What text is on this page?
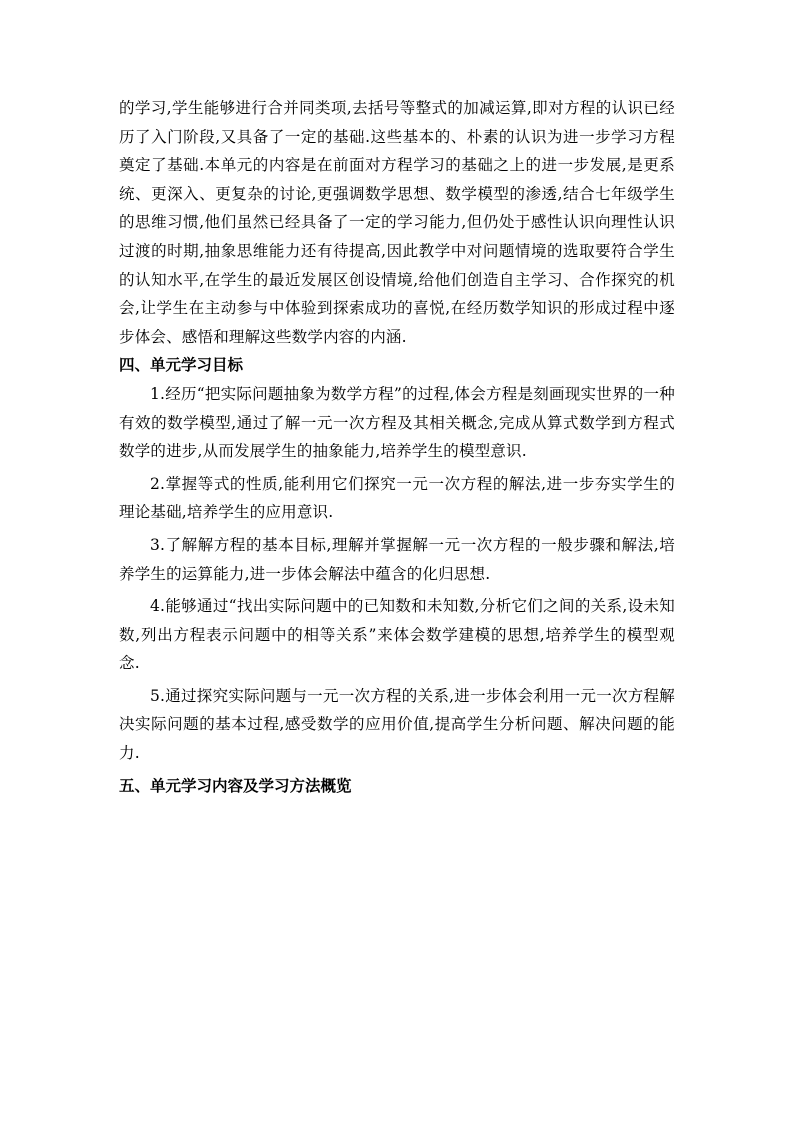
的学习,学生能够进行合并同类项,去括号等整式的加减运算,即对方程的认识已经历了入门阶段,又具备了一定的基础.这些基本的、朴素的认识为进一步学习方程奠定了基础.本单元的内容是在前面对方程学习的基础之上的进一步发展,是更系统、更深入、更复杂的讨论,更强调数学思想、数学模型的渗透,结合七年级学生的思维习惯,他们虽然已经具备了一定的学习能力,但仍处于感性认识向理性认识过渡的时期,抽象思维能力还有待提高,因此教学中对问题情境的选取要符合学生的认知水平,在学生的最近发展区创设情境,给他们创造自主学习、合作探究的机会,让学生在主动参与中体验到探索成功的喜悦,在经历数学知识的形成过程中逐步体会、感悟和理解这些数学内容的内涵.

四、单元学习目标

1.经历“把实际问题抽象为数学方程”的过程,体会方程是刻画现实世界的一种有效的数学模型,通过了解一元一次方程及其相关概念,完成从算式数学到方程式数学的进步,从而发展学生的抽象能力,培养学生的模型意识.

2.掌握等式的性质,能利用它们探究一元一次方程的解法,进一步夯实学生的理论基础,培养学生的应用意识.

3.了解解方程的基本目标,理解并掌握解一元一次方程的一般步骤和解法,培养学生的运算能力,进一步体会解法中蕴含的化归思想.

4.能够通过“找出实际问题中的已知数和未知数,分析它们之间的关系,设未知数,列出方程表示问题中的相等关系”来体会数学建模的思想,培养学生的模型观念.

5.通过探究实际问题与一元一次方程的关系,进一步体会利用一元一次方程解决实际问题的基本过程,感受数学的应用价值,提高学生分析问题、解决问题的能力.

五、单元学习内容及学习方法概览
